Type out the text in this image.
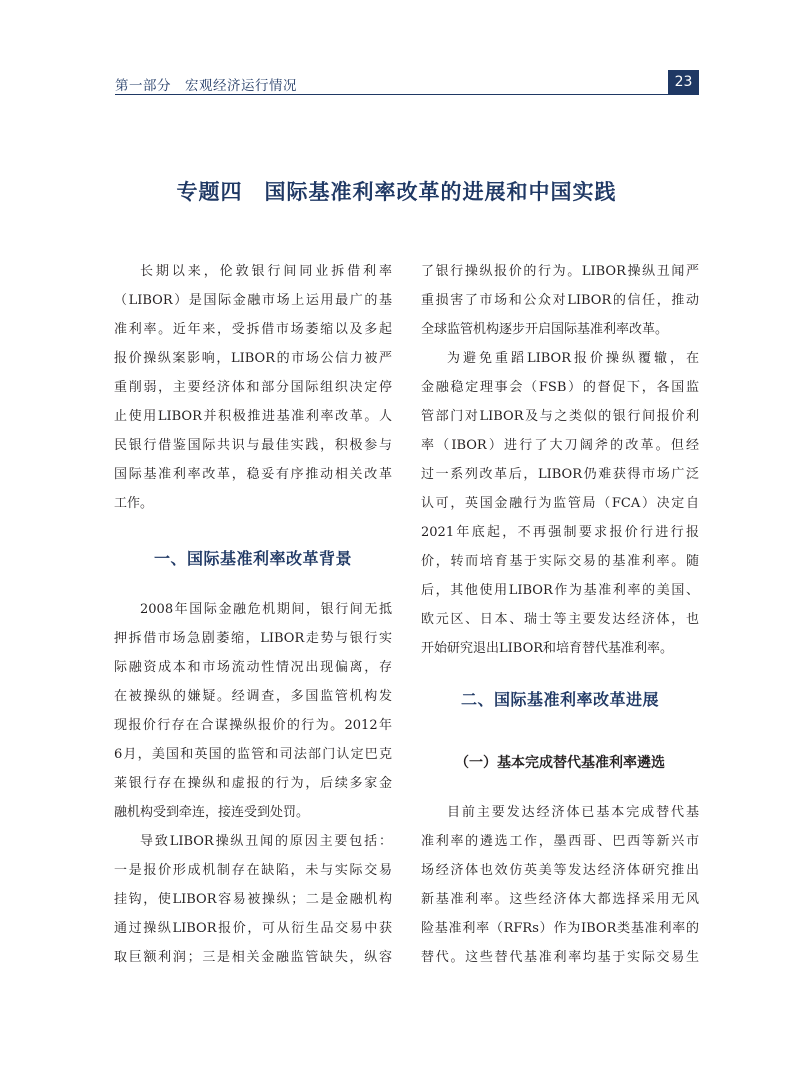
第一部分　宏观经济运行情况	23
专题四　国际基准利率改革的进展和中国实践
长期以来，伦敦银行间同业拆借利率
（LIBOR）是国际金融市场上运用最广的基
准利率。近年来，受拆借市场萎缩以及多起
报价操纵案影响，LIBOR的市场公信力被严
重削弱，主要经济体和部分国际组织决定停
止使用LIBOR并积极推进基准利率改革。人
民银行借鉴国际共识与最佳实践，积极参与
国际基准利率改革，稳妥有序推动相关改革
工作。
一、国际基准利率改革背景
2008年国际金融危机期间，银行间无抵
押拆借市场急剧萎缩，LIBOR走势与银行实
际融资成本和市场流动性情况出现偏离，存
在被操纵的嫌疑。经调查，多国监管机构发
现报价行存在合谋操纵报价的行为。2012年
6月，美国和英国的监管和司法部门认定巴克
莱银行存在操纵和虚报的行为，后续多家金
融机构受到牵连，接连受到处罚。
导致LIBOR操纵丑闻的原因主要包括：
一是报价形成机制存在缺陷，未与实际交易
挂钩，使LIBOR容易被操纵；二是金融机构
通过操纵LIBOR报价，可从衍生品交易中获
取巨额利润；三是相关金融监管缺失，纵容
了银行操纵报价的行为。LIBOR操纵丑闻严
重损害了市场和公众对LIBOR的信任，推动
全球监管机构逐步开启国际基准利率改革。
为避免重蹈LIBOR报价操纵覆辙，在
金融稳定理事会（FSB）的督促下，各国监
管部门对LIBOR及与之类似的银行间报价利
率（IBOR）进行了大刀阔斧的改革。但经
过一系列改革后，LIBOR仍难获得市场广泛
认可，英国金融行为监管局（FCA）决定自
2021年底起，不再强制要求报价行进行报
价，转而培育基于实际交易的基准利率。随
后，其他使用LIBOR作为基准利率的美国、
欧元区、日本、瑞士等主要发达经济体，也
开始研究退出LIBOR和培育替代基准利率。
二、国际基准利率改革进展
（一）基本完成替代基准利率遴选
目前主要发达经济体已基本完成替代基
准利率的遴选工作，墨西哥、巴西等新兴市
场经济体也效仿英美等发达经济体研究推出
新基准利率。这些经济体大都选择采用无风
险基准利率（RFRs）作为IBOR类基准利率的
替代。这些替代基准利率均基于实际交易生
